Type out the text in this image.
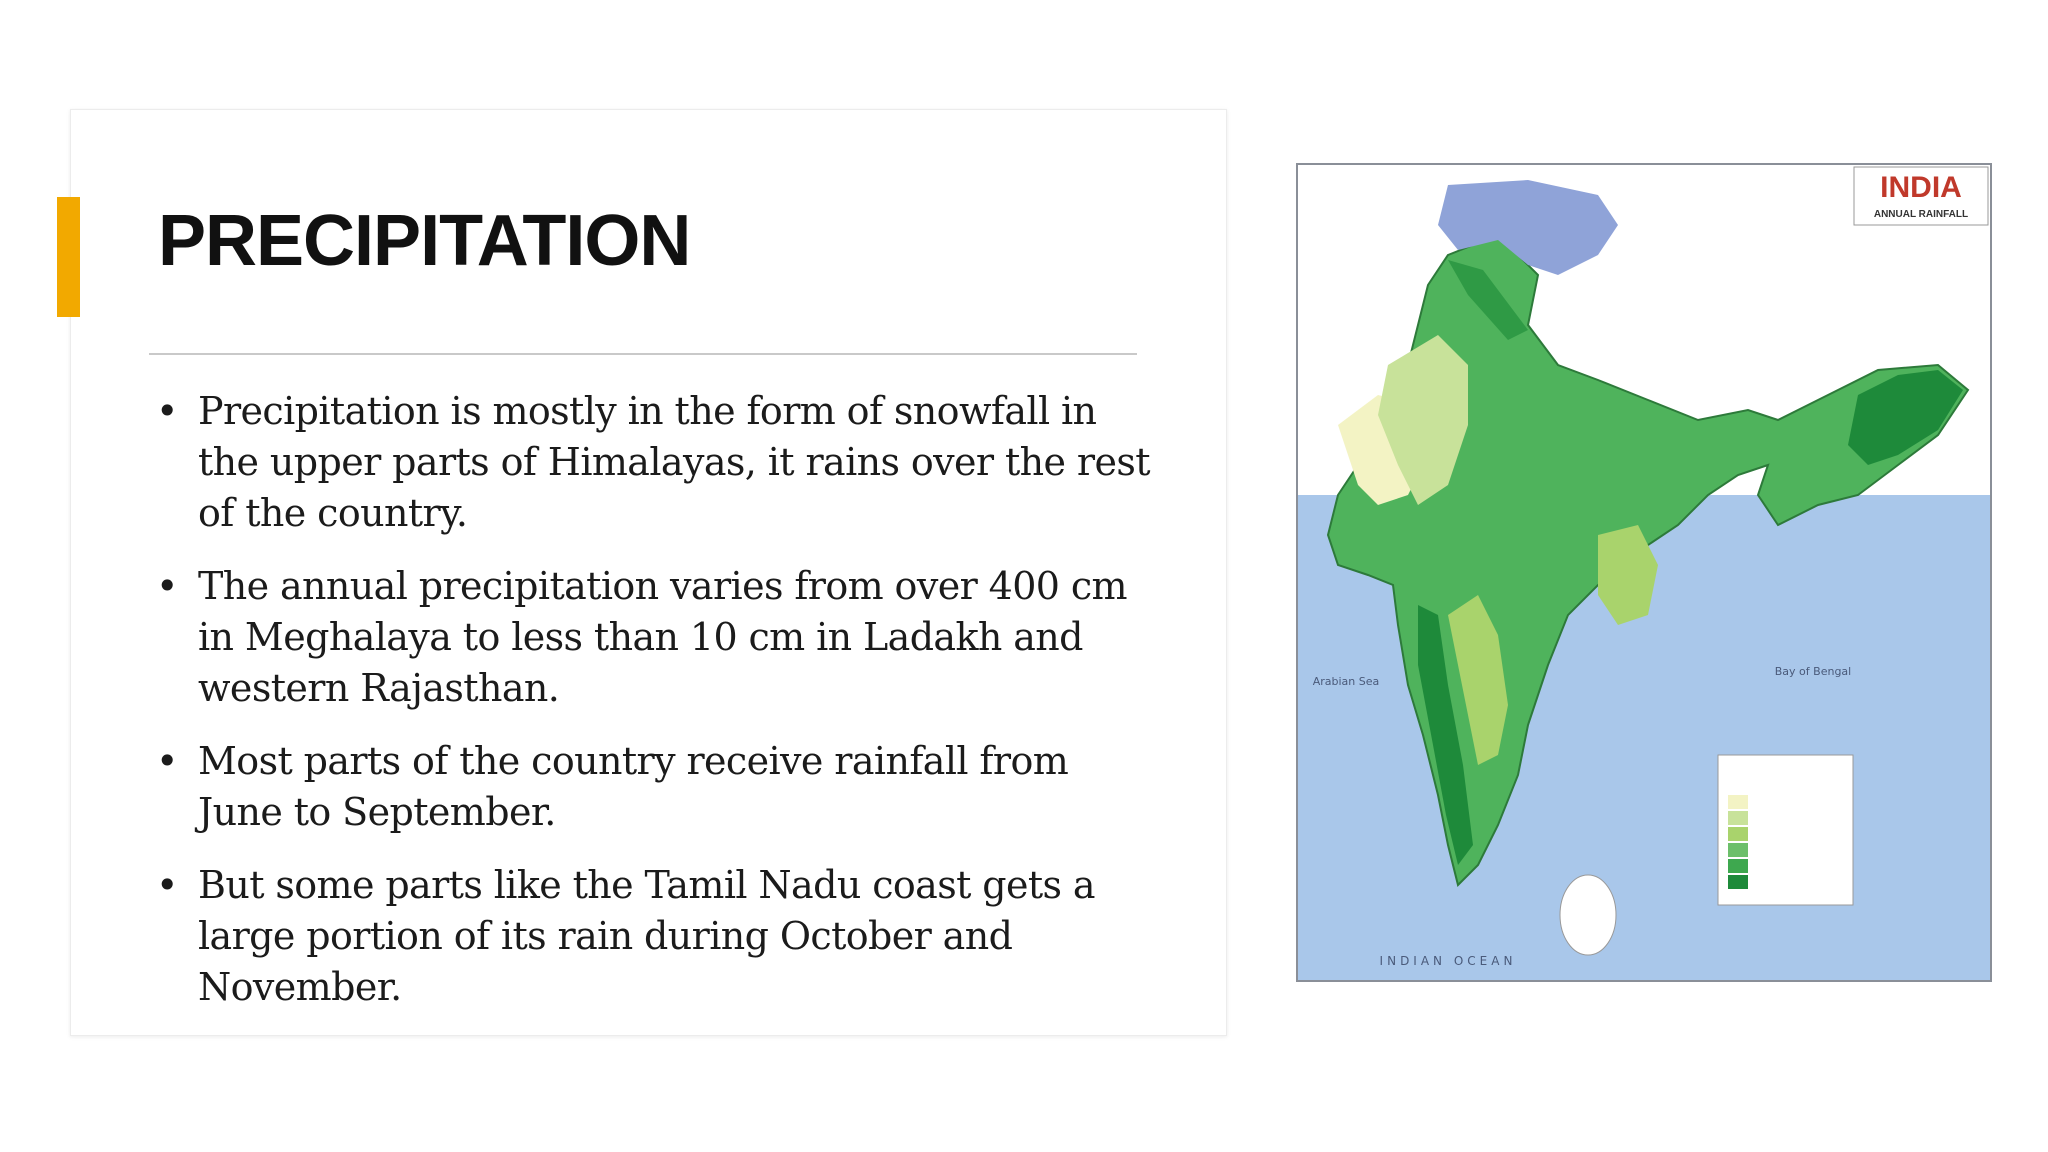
PRECIPITATION
• Precipitation is mostly in the form of snowfall in the upper parts of Himalayas, it rains over the rest of the country.
• The annual precipitation varies from over 400 cm in Meghalaya to less than 10 cm in Ladakh and western Rajasthan.
• Most parts of the country receive rainfall from June to September.
• But some parts like the Tamil Nadu coast gets a large portion of its rain during October and November.
INDIA
ANNUAL RAINFALL
Arabian Sea
Bay of Bengal
INDIAN OCEAN
